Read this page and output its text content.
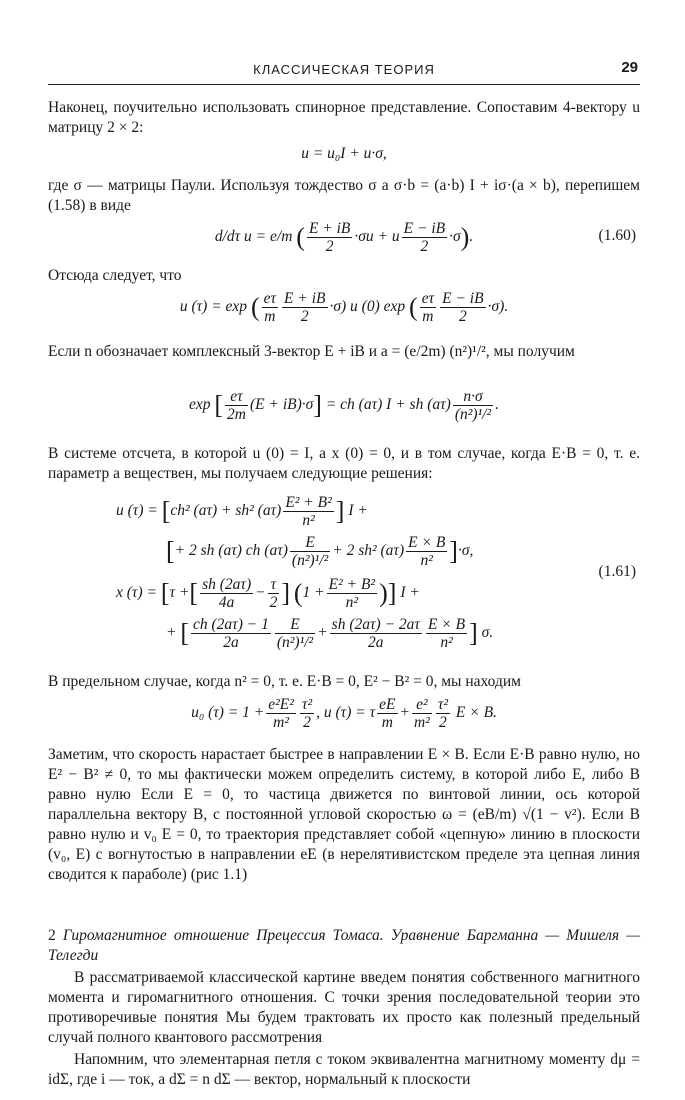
КЛАССИЧЕСКАЯ ТЕОРИЯ	29

Наконец, поучительно использовать спинорное представление. Сопоставим 4-вектору u матрицу 2 × 2:

u = u₀I + u·σ,

где σ — матрицы Паули. Используя тождество σ a σ·b = (a·b) I + iσ·(a × b), перепишем (1.58) в виде

d/dτ u = e/m ( $\frac{E + iB}{2} \cdot\sigma u + u \frac{E - iB}{2} \cdot\sigma$).	(1.60)

Отсюда следует, что

u (τ) = exp ( $\frac{e\tau}{m} \frac{E + iB}{2} \cdot\sigma$) u (0) exp ( $\frac{e\tau}{m} \frac{E - iB}{2} \cdot\sigma$).

Если n обозначает комплексный 3-вектор E + iB и a = (e/2m) (n²)¹/², мы получим

exp [ $\frac{e\tau}{2m} (E + iB)\cdot\sigma$] = ch (aτ) I + sh $(a\tau) \frac{n\cdot\sigma}{\text{(n²)¹/²}}$ .

В системе отсчета, в которой u (0) = I, а x (0) = 0, и в том случае, когда E·B = 0, т. е. параметр a веществен, мы получаем следующие решения:

u (τ) = [ch² (aτ) + sh² $(a\tau) \frac{\text{E² + B²}}{\text{n²}}$ ] I +
[+ 2 sh (aτ) ch $(a\tau) \frac{E}{\text{(n²)¹/²}} + 2$ sh² $(a\tau) \frac{E \times B}{\text{n²}} ]\cdot\sigma$,
x (τ) = [τ +[ $\frac{sh (2a\tau)}{4a} - \frac{\tau}{2}$ ] ($1 + \frac{\text{E² + B²}}{\text{n²}}$ )] I +
+ [ $\frac{ch (2a\tau) - 1}{2a} \frac{E}{\text{(n²)¹/²}} + \frac{sh (2a\tau) - 2a\tau}{2a} \frac{E \times B}{\text{n²}}$ ] σ.
(1.61)

В предельном случае, когда n² = 0, т. е. E·B = 0, E² − B² = 0, мы находим

u₀ $(\tau) = 1 + \frac{\text{e²E²}}{\text{m²}} \frac{\text{τ²}}{2}$ , u (τ) = τ $\frac{eE}{m} + \frac{\text{e²}}{\text{m²}} \frac{\text{τ²}}{2}$ E × B.

Заметим, что скорость нарастает быстрее в направлении E × B. Если E·B равно нулю, но E² − B² ≠ 0, то мы фактически можем определить систему, в которой либо E, либо B равно нулю Если E = 0, то частица движется по винтовой линии, ось которой параллельна вектору B, с постоянной угловой скоростью ω = (eB/m) √(1 − v²). Если B равно нулю и v₀ E = 0, то траектория представляет собой «цепную» линию в плоскости (v₀, E) с вогнутостью в направлении eE (в нерелятивистском пределе эта цепная линия сводится к параболе) (рис 1.1)

2 Гиромагнитное отношение Прецессия Томаса. Уравнение Баргманна — Мишеля — Телегди

В рассматриваемой классической картине введем понятия собственного магнитного момента и гиромагнитного отношения. С точки зрения последовательной теории это противоречивые понятия Мы будем трактовать их просто как полезный предельный случай полного квантового рассмотрения

Напомним, что элементарная петля с током эквивалентна магнитному моменту dμ = idΣ, где i — ток, а dΣ = n dΣ — вектор, нормальный к плоскости
